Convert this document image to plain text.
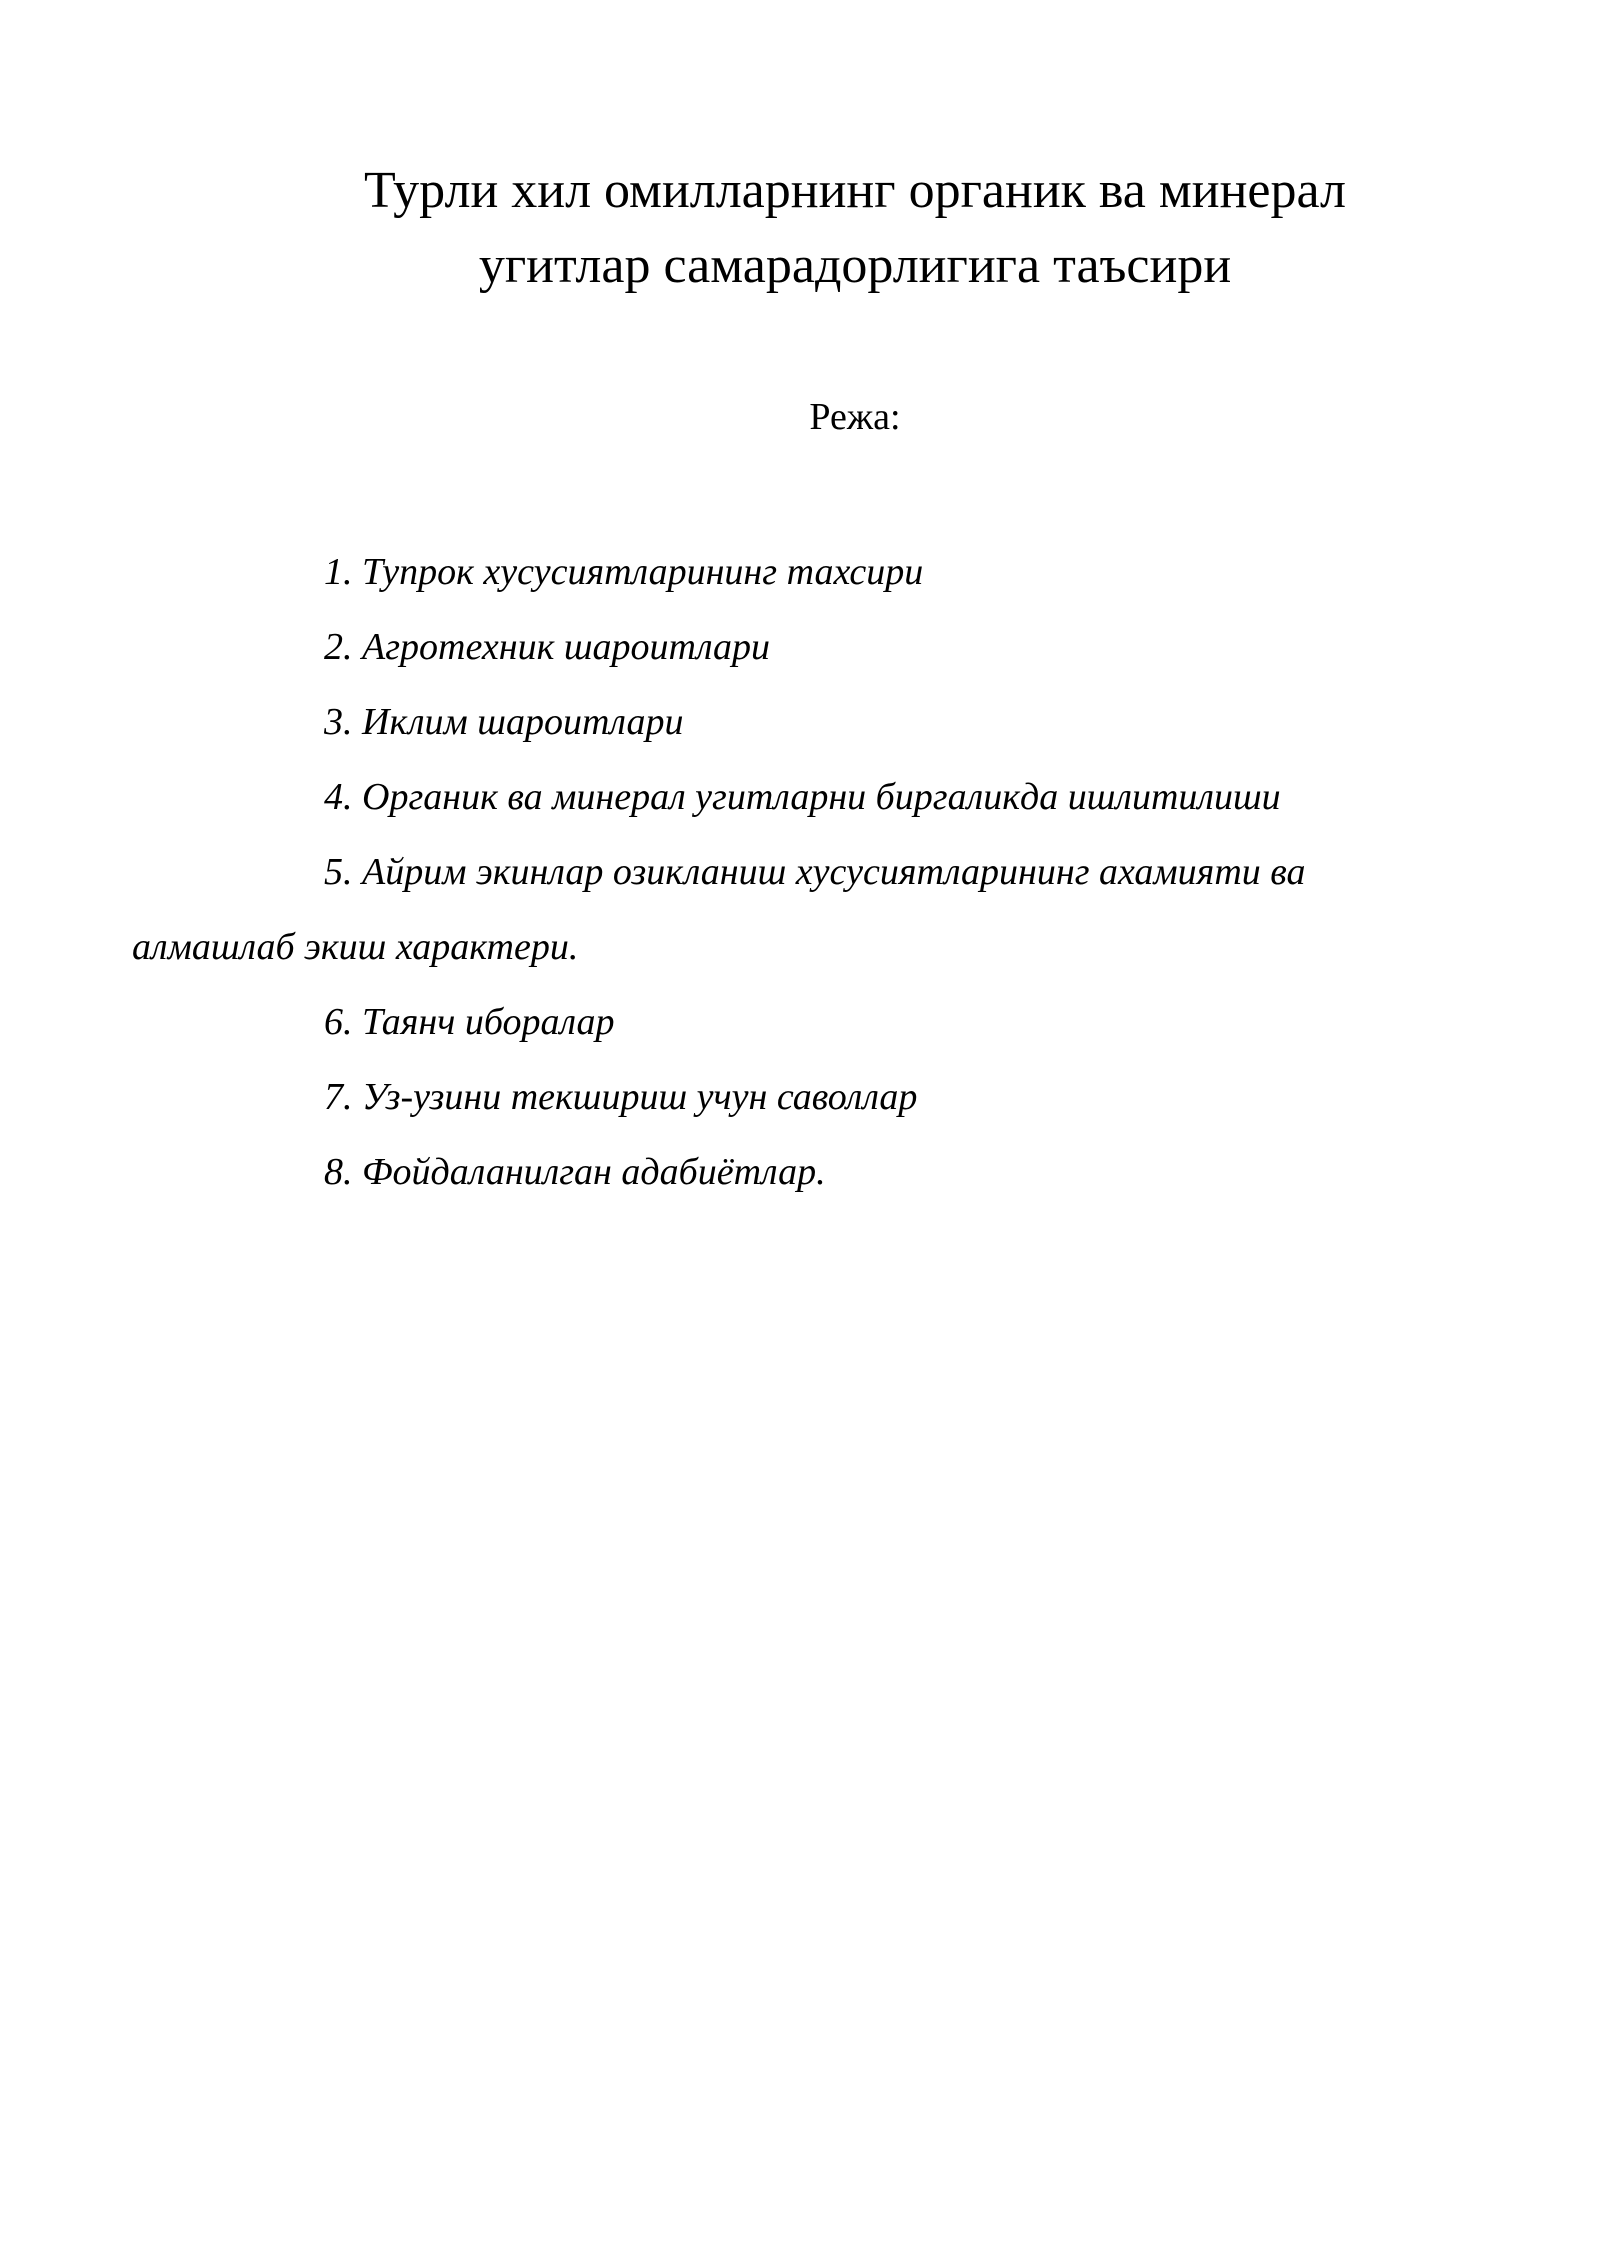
Турли хил омилларнинг органик ва минерал
угитлар самарадорлигига таъсири

Режа:

1. Тупрок хусусиятларининг тахсири
2. Агротехник шароитлари
3. Иклим шароитлари
4. Органик ва минерал угитларни биргаликда ишлитилиши
5. Айрим экинлар озикланиш хусусиятларининг ахамияти ва
алмашлаб экиш характери.
6. Таянч иборалар
7. Уз-узини текшириш учун саволлар
8. Фойдаланилган адабиётлар.
